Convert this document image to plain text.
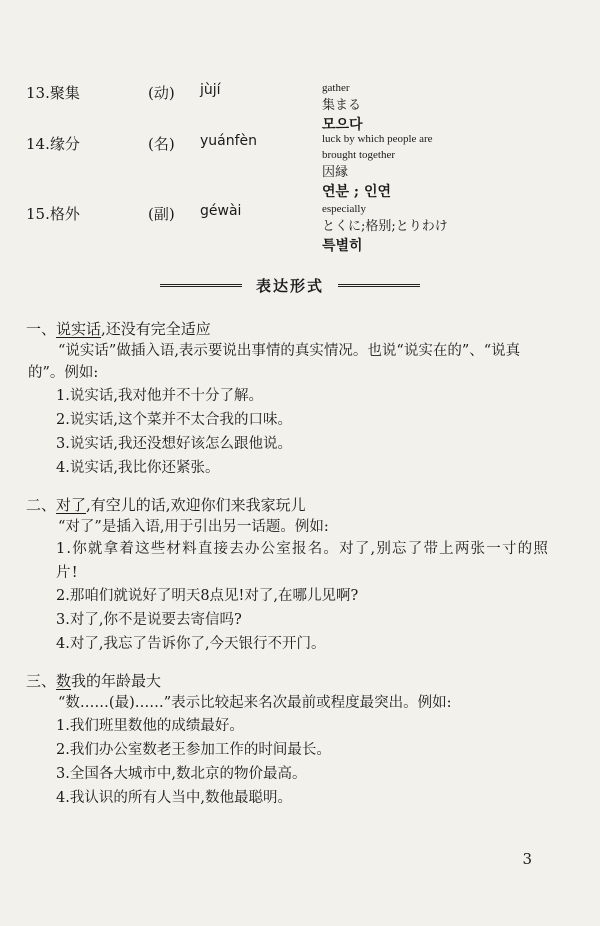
13.聚集	(动) jùjí	gather
集まる
모으다
14.缘分	(名) yuánfèn	luck by which people are
brought together
因縁
연분 ; 인연
15.格外	(副) géwài	especially
とくに;格别;とりわけ
특별히
表达形式
一、说实话,还没有完全适应
“说实话”做插入语,表示要说出事情的真实情况。也说“说实在的”、“说真
的”。例如:
1.说实话,我对他并不十分了解。
2.说实话,这个菜并不太合我的口味。
3.说实话,我还没想好该怎么跟他说。
4.说实话,我比你还紧张。
二、对了,有空儿的话,欢迎你们来我家玩儿
“对了”是插入语,用于引出另一话题。例如:
1.你就拿着这些材料直接去办公室报名。对了,别忘了带上两张一寸的照
片!
2.那咱们就说好了明天8点见!对了,在哪儿见啊?
3.对了,你不是说要去寄信吗?
4.对了,我忘了告诉你了,今天银行不开门。
三、数我的年龄最大
“数……(最)……”表示比较起来名次最前或程度最突出。例如:
1.我们班里数他的成绩最好。
2.我们办公室数老王参加工作的时间最长。
3.全国各大城市中,数北京的物价最高。
4.我认识的所有人当中,数他最聪明。
3
